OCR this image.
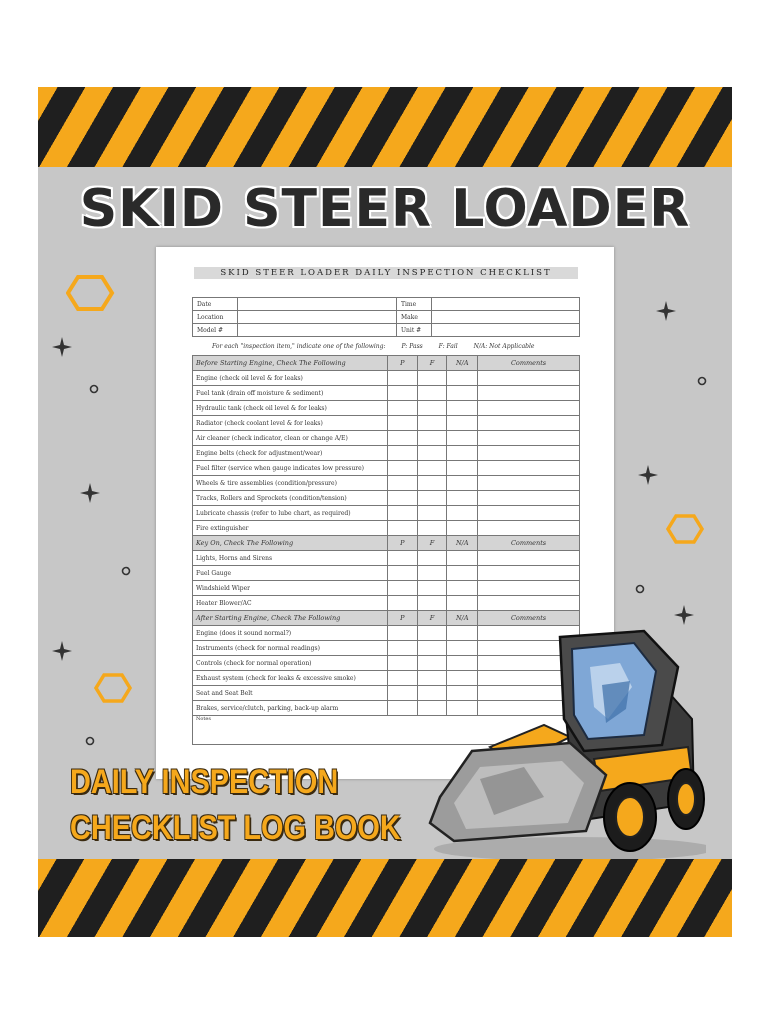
SKID STEER LOADER
SKID STEER LOADER DAILY INSPECTION CHECKLIST
Date		Time	
Location		Make	
Model #		Unit #	
For each "inspection item," indicate one of the following:	P: Pass	F: Fail	N/A: Not Applicable
Before Starting Engine, Check The Following	P	F	N/A	Comments
Engine (check oil level & for leaks)				
Fuel tank (drain off moisture & sediment)				
Hydraulic tank (check oil level & for leaks)				
Radiator (check coolant level & for leaks)				
Air cleaner (check indicator, clean or change A/E)				
Engine belts (check for adjustment/wear)				
Fuel filter (service when gauge indicates low pressure)				
Wheels & tire assemblies (condition/pressure)				
Tracks, Rollers and Sprockets (condition/tension)				
Lubricate chassis (refer to lube chart, as required)				
Fire extinguisher				
Key On, Check The Following	P	F	N/A	Comments
Lights, Horns and Sirens				
Fuel Gauge				
Windshield Wiper				
Heater Blower/AC				
After Starting Engine, Check The Following	P	F	N/A	Comments
Engine (does it sound normal?)				
Instruments (check for normal readings)				
Controls (check for normal operation)				
Exhaust system (check for leaks & excessive smoke)				
Seat and Seat Belt				
Brakes, service/clutch, parking, back-up alarm				
Notes				
DAILY INSPECTION
CHECKLIST LOG BOOK
